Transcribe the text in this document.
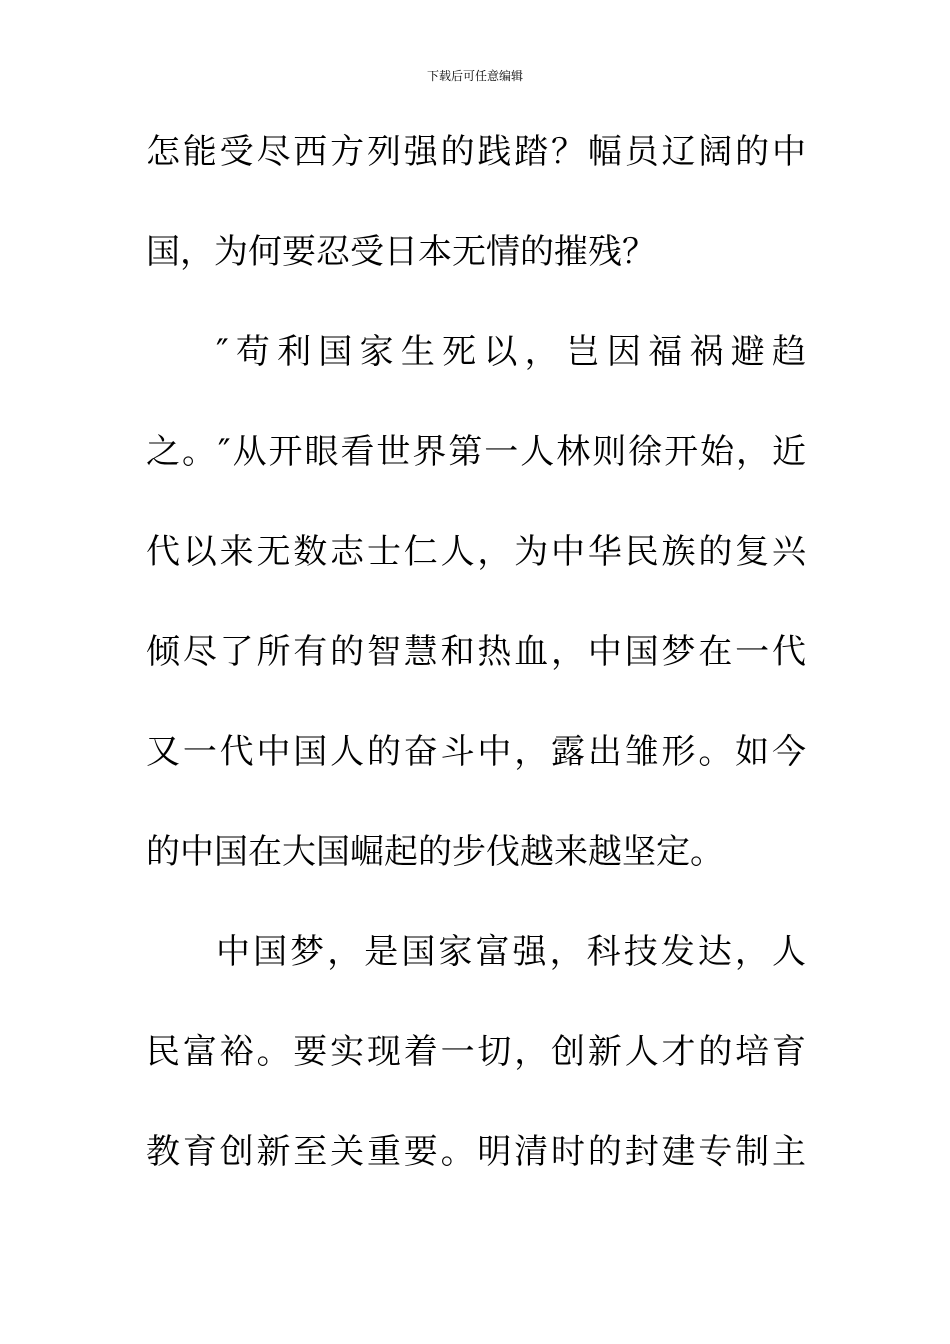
下载后可任意编辑
怎能受尽西方列强的践踏？幅员辽阔的中
国，为何要忍受日本无情的摧残？
″苟利国家生死以，岂因福祸避趋
之。″从开眼看世界第一人林则徐开始，近
代以来无数志士仁人，为中华民族的复兴
倾尽了所有的智慧和热血，中国梦在一代
又一代中国人的奋斗中，露出雏形。如今
的中国在大国崛起的步伐越来越坚定。
中国梦，是国家富强，科技发达，人
民富裕。要实现着一切，创新人才的培育
教育创新至关重要。明清时的封建专制主
